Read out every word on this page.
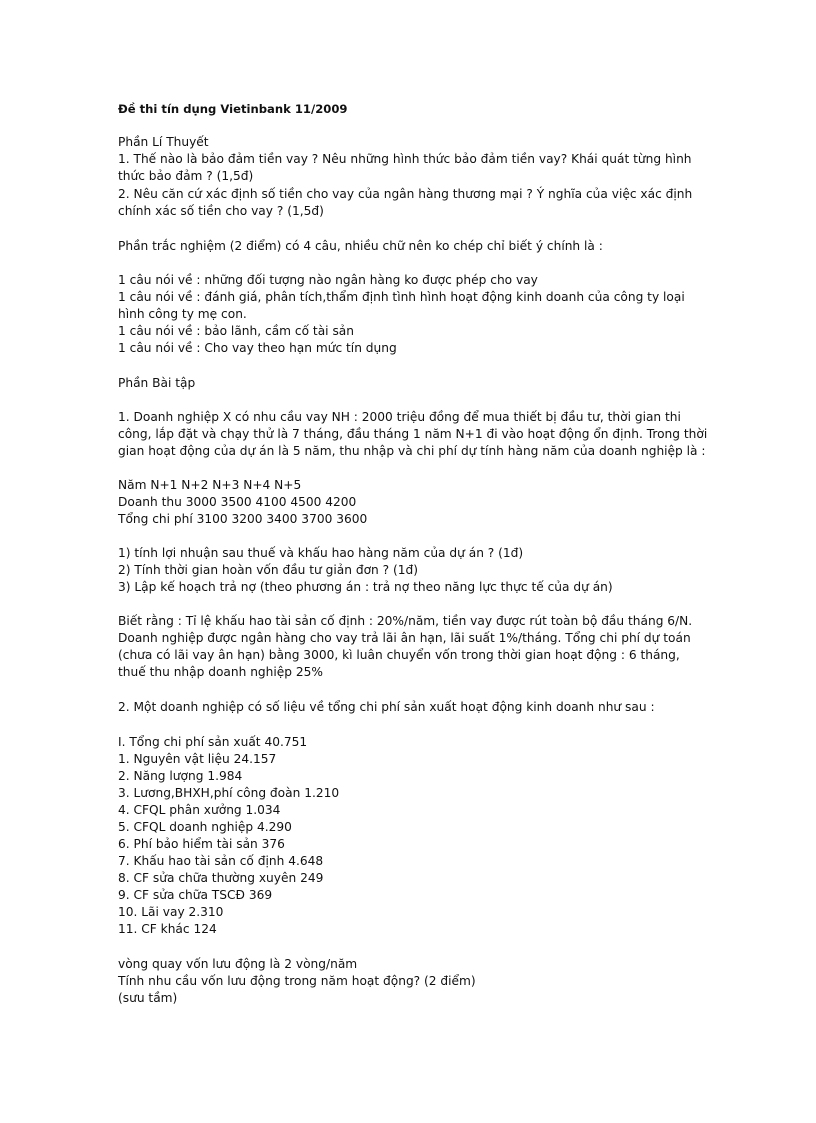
Đề thi tín dụng Vietinbank 11/2009
Phần Lí Thuyết
1. Thế nào là bảo đảm tiền vay ? Nêu những hình thức bảo đảm tiền vay? Khái quát từng hình
thức bảo đảm ? (1,5đ)
2. Nêu căn cứ xác định số tiền cho vay của ngân hàng thương mại ? Ý nghĩa của việc xác định
chính xác số tiền cho vay ? (1,5đ)
Phần trắc nghiệm (2 điểm) có 4 câu, nhiều chữ nên ko chép chỉ biết ý chính là :
1 câu nói về : những đối tượng nào ngân hàng ko được phép cho vay
1 câu nói về : đánh giá, phân tích,thẩm định tình hình hoạt động kinh doanh của công ty loại
hình công ty mẹ con.
1 câu nói về : bảo lãnh, cầm cố tài sản
1 câu nói về : Cho vay theo hạn mức tín dụng
Phần Bài tập
1. Doanh nghiệp X có nhu cầu vay NH : 2000 triệu đồng để mua thiết bị đầu tư, thời gian thi
công, lắp đặt và chạy thử là 7 tháng, đầu tháng 1 năm N+1 đi vào hoạt động ổn định. Trong thời
gian hoạt động của dự án là 5 năm, thu nhập và chi phí dự tính hàng năm của doanh nghiệp là :
Năm N+1 N+2 N+3 N+4 N+5
Doanh thu 3000 3500 4100 4500 4200
Tổng chi phí 3100 3200 3400 3700 3600
1) tính lợi nhuận sau thuế và khấu hao hàng năm của dự án ? (1đ)
2) Tính thời gian hoàn vốn đầu tư giản đơn ? (1đ)
3) Lập kế hoạch trả nợ (theo phương án : trả nợ theo năng lực thực tế của dự án)
Biết rằng : Tỉ lệ khấu hao tài sản cố định : 20%/năm, tiền vay được rút toàn bộ đầu tháng 6/N.
Doanh nghiệp được ngân hàng cho vay trả lãi ân hạn, lãi suất 1%/tháng. Tổng chi phí dự toán
(chưa có lãi vay ân hạn) bằng 3000, kì luân chuyển vốn trong thời gian hoạt động : 6 tháng,
thuế thu nhập doanh nghiệp 25%
2. Một doanh nghiệp có số liệu về tổng chi phí sản xuất hoạt động kinh doanh như sau :
I. Tổng chi phí sản xuất 40.751
1. Nguyên vật liệu 24.157
2. Năng lượng 1.984
3. Lương,BHXH,phí công đoàn 1.210
4. CFQL phân xưởng 1.034
5. CFQL doanh nghiệp 4.290
6. Phí bảo hiểm tài sản 376
7. Khấu hao tài sản cố định 4.648
8. CF sửa chữa thường xuyên 249
9. CF sửa chữa TSCĐ 369
10. Lãi vay 2.310
11. CF khác 124
vòng quay vốn lưu động là 2 vòng/năm
Tính nhu cầu vốn lưu động trong năm hoạt động? (2 điểm)
(sưu tầm)
